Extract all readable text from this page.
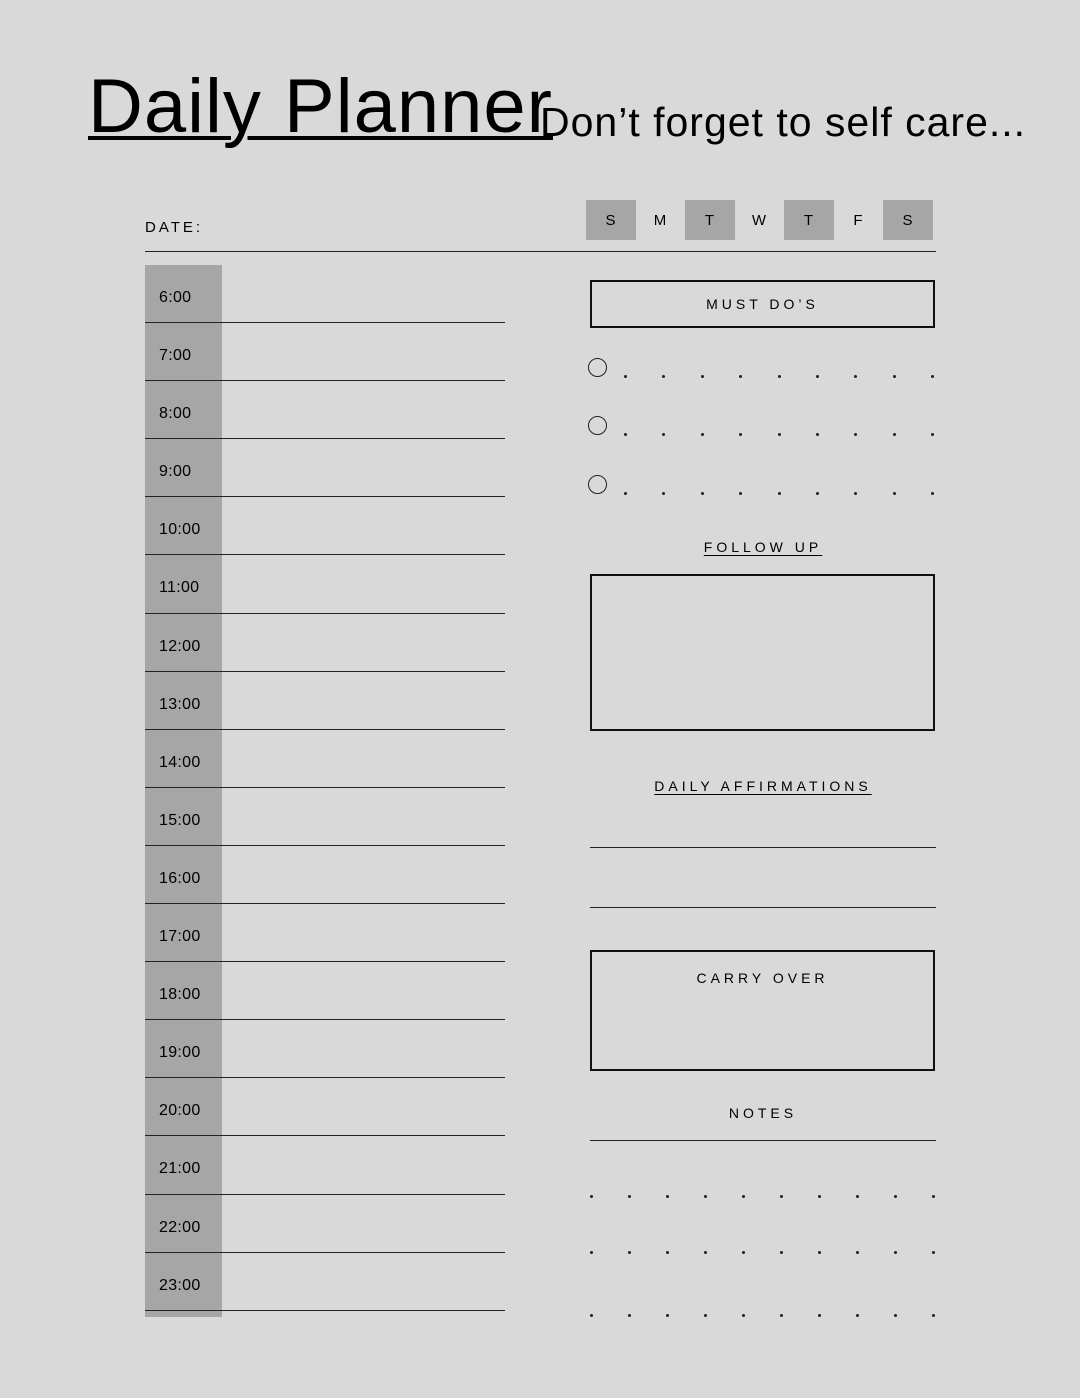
Daily Planner
Don’t forget to self care...
DATE:	S	M	T	W	T	F	S
6:00
7:00
8:00
9:00
10:00
11:00
12:00
13:00
14:00
15:00
16:00
17:00
18:00
19:00
20:00
21:00
22:00
23:00
MUST DO’S
FOLLOW UP
DAILY AFFIRMATIONS
CARRY OVER
NOTES
